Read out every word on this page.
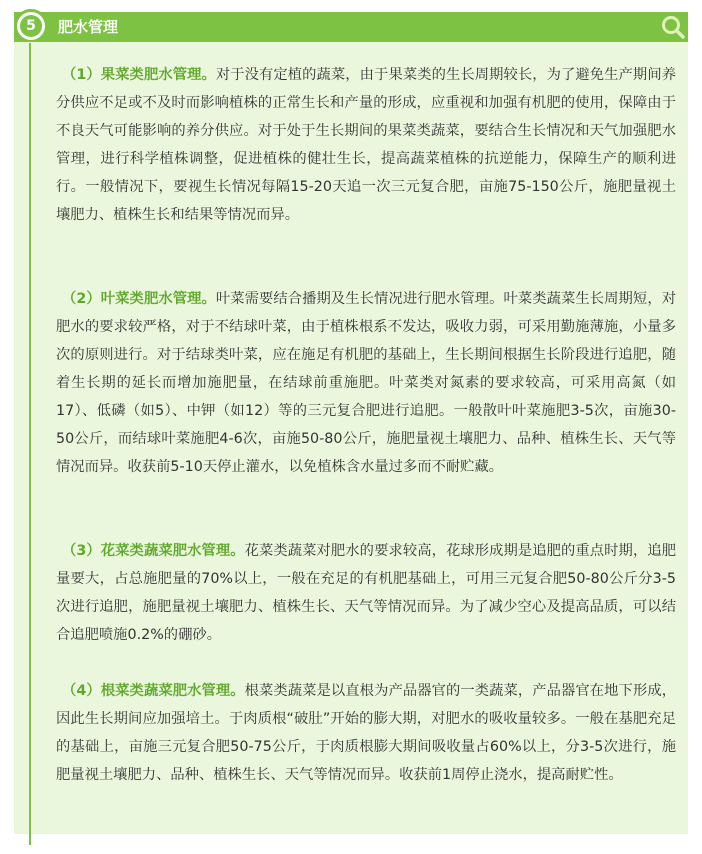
5	肥水管理

（1）果菜类肥水管理。对于没有定植的蔬菜，由于果菜类的生长周期较长，为了避免生产期间养分供应不足或不及时而影响植株的正常生长和产量的形成，应重视和加强有机肥的使用，保障由于不良天气可能影响的养分供应。对于处于生长期间的果菜类蔬菜，要结合生长情况和天气加强肥水管理，进行科学植株调整，促进植株的健壮生长，提高蔬菜植株的抗逆能力，保障生产的顺利进行。一般情况下，要视生长情况每隔15-20天追一次三元复合肥，亩施75-150公斤，施肥量视土壤肥力、植株生长和结果等情况而异。

（2）叶菜类肥水管理。叶菜需要结合播期及生长情况进行肥水管理。叶菜类蔬菜生长周期短，对肥水的要求较严格，对于不结球叶菜，由于植株根系不发达，吸收力弱，可采用勤施薄施，小量多次的原则进行。对于结球类叶菜，应在施足有机肥的基础上，生长期间根据生长阶段进行追肥，随着生长期的延长而增加施肥量，在结球前重施肥。叶菜类对氮素的要求较高，可采用高氮（如17）、低磷（如5）、中钾（如12）等的三元复合肥进行追肥。一般散叶叶菜施肥3-5次，亩施30-50公斤，而结球叶菜施肥4-6次，亩施50-80公斤，施肥量视土壤肥力、品种、植株生长、天气等情况而异。收获前5-10天停止灌水，以免植株含水量过多而不耐贮藏。

（3）花菜类蔬菜肥水管理。花菜类蔬菜对肥水的要求较高，花球形成期是追肥的重点时期，追肥量要大，占总施肥量的70%以上，一般在充足的有机肥基础上，可用三元复合肥50-80公斤分3-5次进行追肥，施肥量视土壤肥力、植株生长、天气等情况而异。为了减少空心及提高品质，可以结合追肥喷施0.2%的硼砂。

（4）根菜类蔬菜肥水管理。根菜类蔬菜是以直根为产品器官的一类蔬菜，产品器官在地下形成，因此生长期间应加强培土。于肉质根“破肚”开始的膨大期，对肥水的吸收量较多。一般在基肥充足的基础上，亩施三元复合肥50-75公斤，于肉质根膨大期间吸收量占60%以上，分3-5次进行，施肥量视土壤肥力、品种、植株生长、天气等情况而异。收获前1周停止浇水，提高耐贮性。
